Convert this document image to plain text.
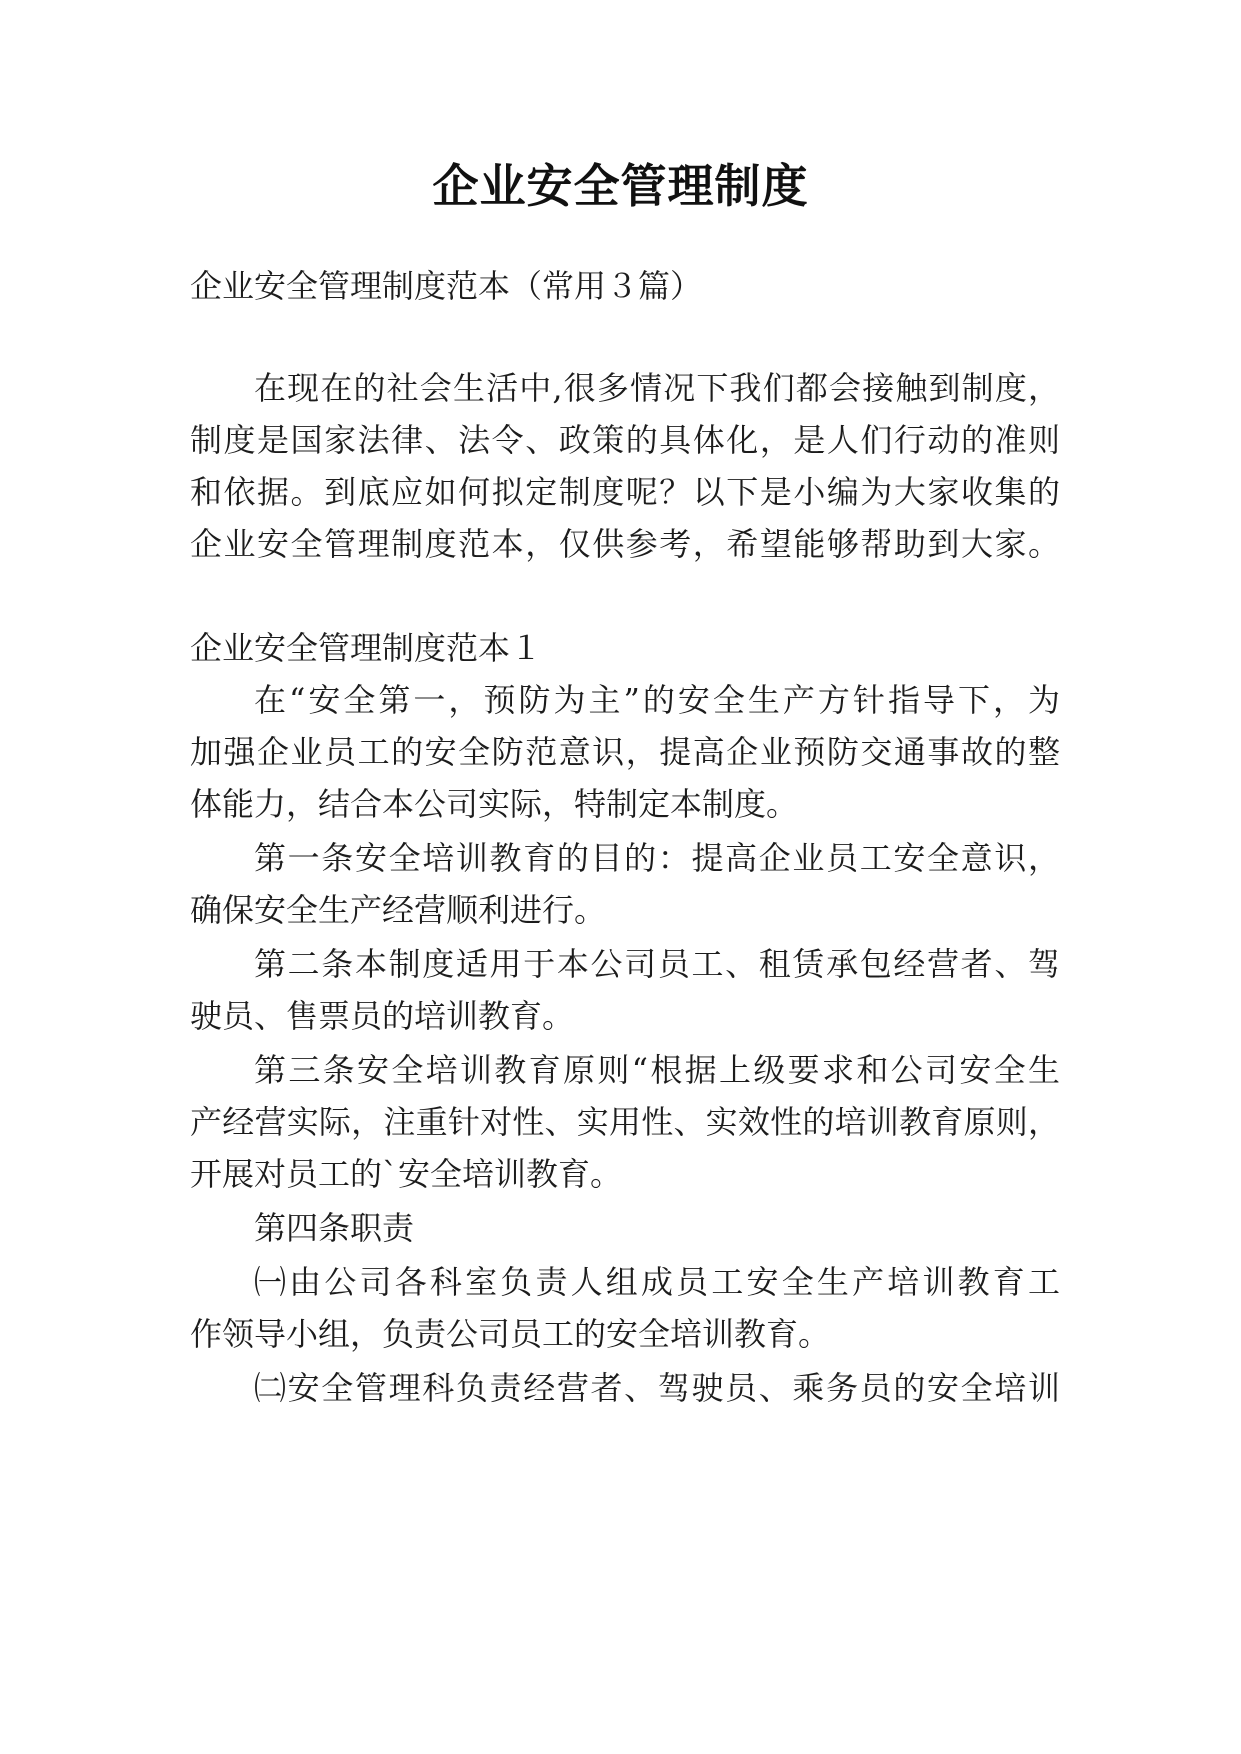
企业安全管理制度
企业安全管理制度范本（常用３篇）
在现在的社会生活中,很多情况下我们都会接触到制度，
制度是国家法律、法令、政策的具体化，是人们行动的准则
和依据。到底应如何拟定制度呢？以下是小编为大家收集的
企业安全管理制度范本，仅供参考，希望能够帮助到大家。
企业安全管理制度范本１
在“安全第一，预防为主”的安全生产方针指导下，为
加强企业员工的安全防范意识，提高企业预防交通事故的整
体能力，结合本公司实际，特制定本制度。
第一条安全培训教育的目的：提高企业员工安全意识，
确保安全生产经营顺利进行。
第二条本制度适用于本公司员工、租赁承包经营者、驾
驶员、售票员的培训教育。
第三条安全培训教育原则“根据上级要求和公司安全生
产经营实际，注重针对性、实用性、实效性的培训教育原则，
开展对员工的`安全培训教育。
第四条职责
㈠由公司各科室负责人组成员工安全生产培训教育工
作领导小组，负责公司员工的安全培训教育。
㈡安全管理科负责经营者、驾驶员、乘务员的安全培训
